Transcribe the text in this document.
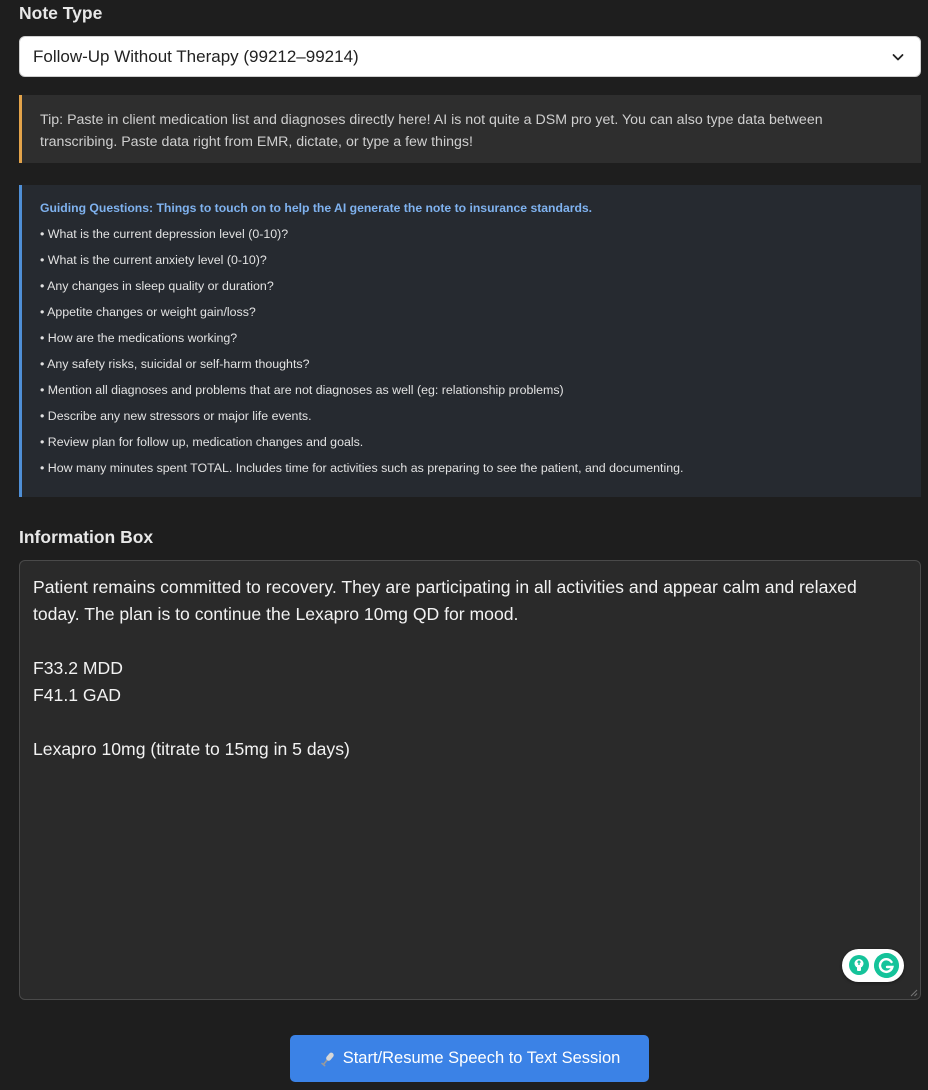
Note Type
Follow-Up Without Therapy (99212–99214)
Tip: Paste in client medication list and diagnoses directly here! AI is not quite a DSM pro yet. You can also type data between transcribing. Paste data right from EMR, dictate, or type a few things!
Guiding Questions: Things to touch on to help the AI generate the note to insurance standards.
• What is the current depression level (0-10)?
• What is the current anxiety level (0-10)?
• Any changes in sleep quality or duration?
• Appetite changes or weight gain/loss?
• How are the medications working?
• Any safety risks, suicidal or self-harm thoughts?
• Mention all diagnoses and problems that are not diagnoses as well (eg: relationship problems)
• Describe any new stressors or major life events.
• Review plan for follow up, medication changes and goals.
• How many minutes spent TOTAL. Includes time for activities such as preparing to see the patient, and documenting.
Information Box
Patient remains committed to recovery. They are participating in all activities and appear calm and relaxed today. The plan is to continue the Lexapro 10mg QD for mood.

F33.2 MDD
F41.1 GAD

Lexapro 10mg (titrate to 15mg in 5 days)
Start/Resume Speech to Text Session
